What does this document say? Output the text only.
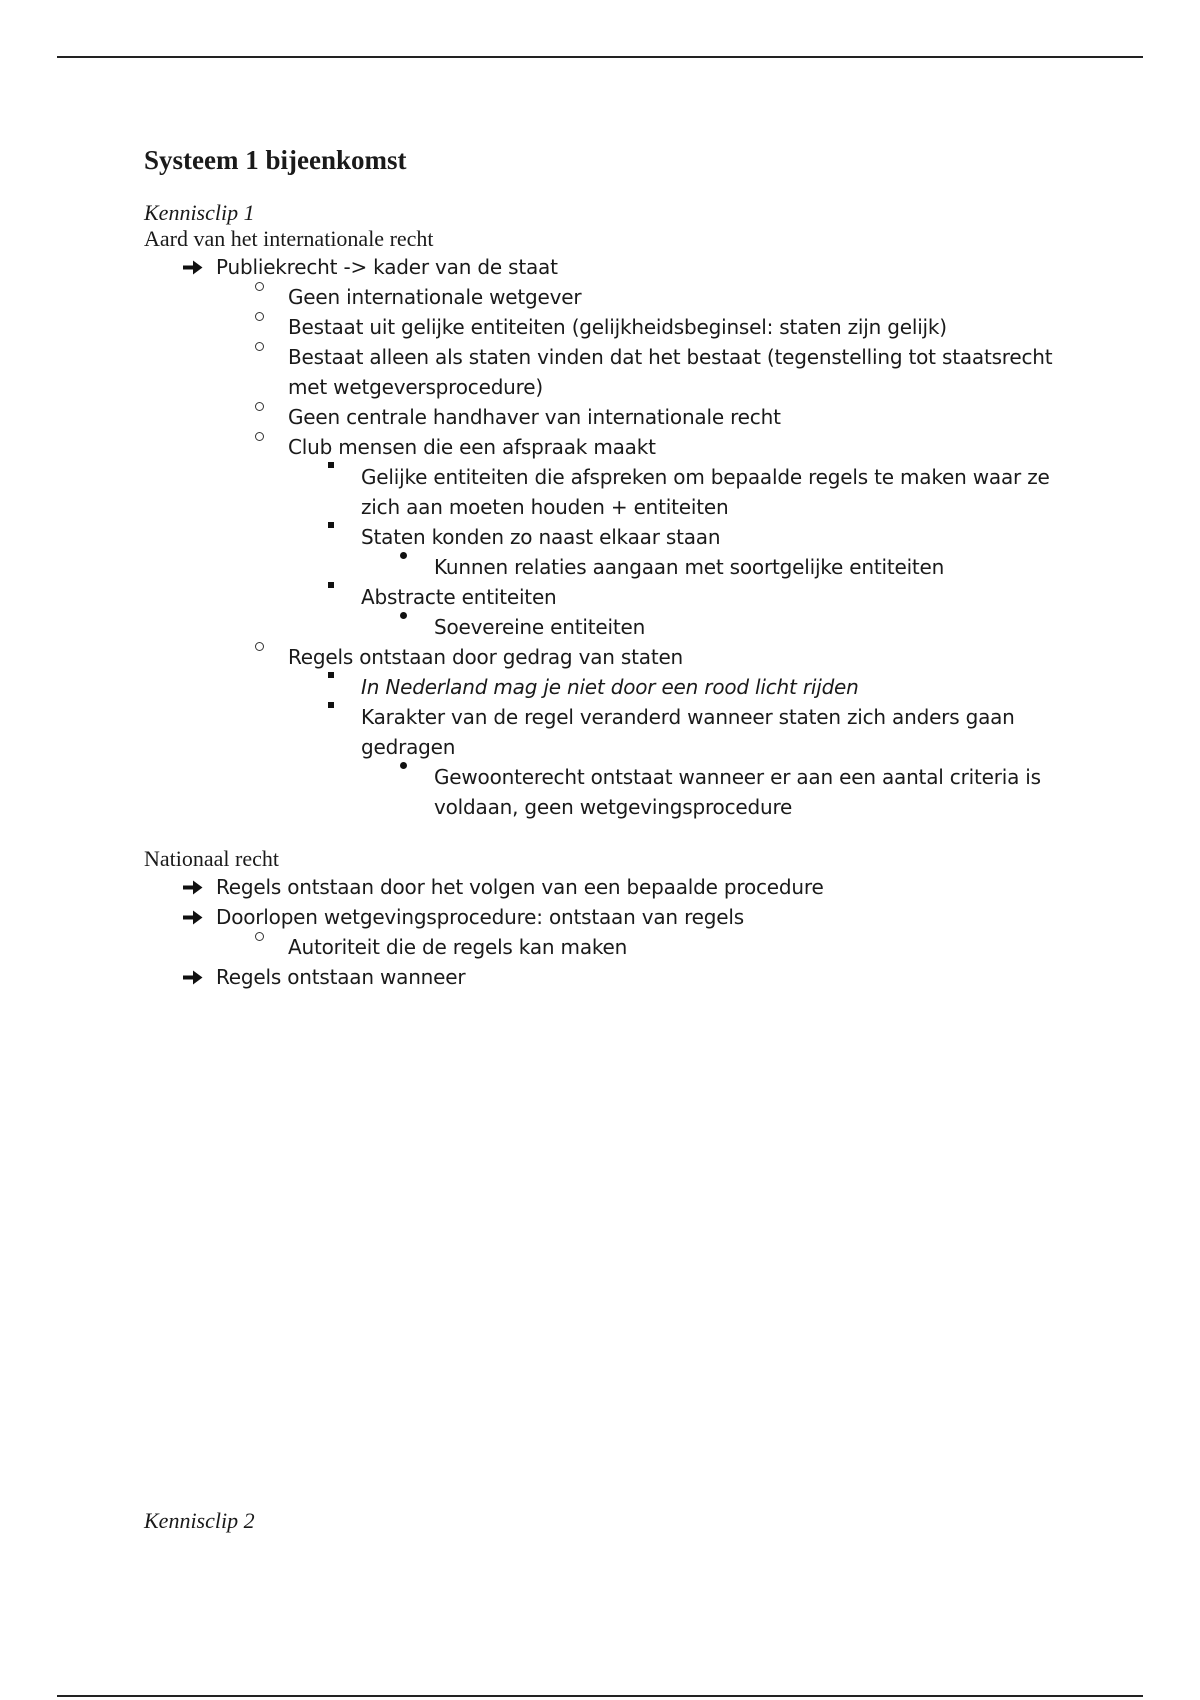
Systeem 1 bijeenkomst
Kennisclip 1
Aard van het internationale recht
Publiekrecht -> kader van de staat
Geen internationale wetgever
Bestaat uit gelijke entiteiten (gelijkheidsbeginsel: staten zijn gelijk)
Bestaat alleen als staten vinden dat het bestaat (tegenstelling tot staatsrecht met wetgeversprocedure)
Geen centrale handhaver van internationale recht
Club mensen die een afspraak maakt
Gelijke entiteiten die afspreken om bepaalde regels te maken waar ze zich aan moeten houden + entiteiten
Staten konden zo naast elkaar staan
Kunnen relaties aangaan met soortgelijke entiteiten
Abstracte entiteiten
Soevereine entiteiten
Regels ontstaan door gedrag van staten
In Nederland mag je niet door een rood licht rijden
Karakter van de regel veranderd wanneer staten zich anders gaan gedragen
Gewoonterecht ontstaat wanneer er aan een aantal criteria is voldaan, geen wetgevingsprocedure
Nationaal recht
Regels ontstaan door het volgen van een bepaalde procedure
Doorlopen wetgevingsprocedure: ontstaan van regels
Autoriteit die de regels kan maken
Regels ontstaan wanneer
Kennisclip 2
